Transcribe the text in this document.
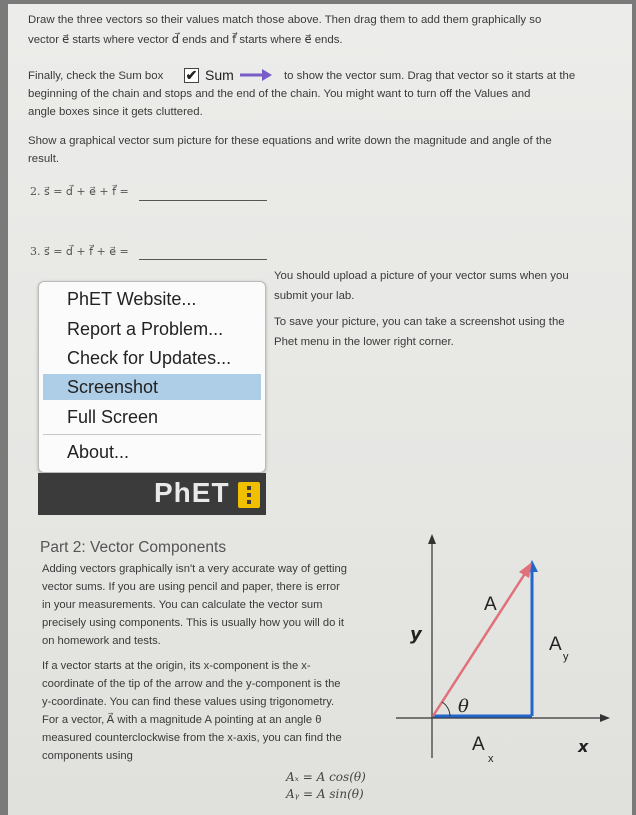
Draw the three vectors so their values match those above. Then drag them to add them graphically so
vector e⃗ starts where vector d⃗ ends and f⃗ starts where e⃗ ends.
Finally, check the Sum box ✔ Sum	to show the vector sum. Drag that vector so it starts at the
beginning of the chain and stops and the end of the chain. You might want to turn off the Values and
angle boxes since it gets cluttered.
Show a graphical vector sum picture for these equations and write down the magnitude and angle of the
result.
2. s⃗ = d⃗ + e⃗ + f⃗ =
3. s⃗ = d⃗ + f⃗ + e⃗ =
You should upload a picture of your vector sums when you
submit your lab.
To save your picture, you can take a screenshot using the
Phet menu in the lower right corner.
PhET Website...
Report a Problem...
Check for Updates...
Screenshot
Full Screen
About...
PhET
Part 2: Vector Components
Adding vectors graphically isn't a very accurate way of getting
vector sums. If you are using pencil and paper, there is error
in your measurements. You can calculate the vector sum
precisely using components. This is usually how you will do it
on homework and tests.
If a vector starts at the origin, its x-component is the x-
coordinate of the tip of the arrow and the y-component is the
y-coordinate. You can find these values using trigonometry.
For a vector, A⃗ with a magnitude A pointing at an angle θ
measured counterclockwise from the x-axis, you can find the
components using
Aₓ = A cos(θ)
Aᵧ = A sin(θ)
y
x
A
A
y
A
x
θ
